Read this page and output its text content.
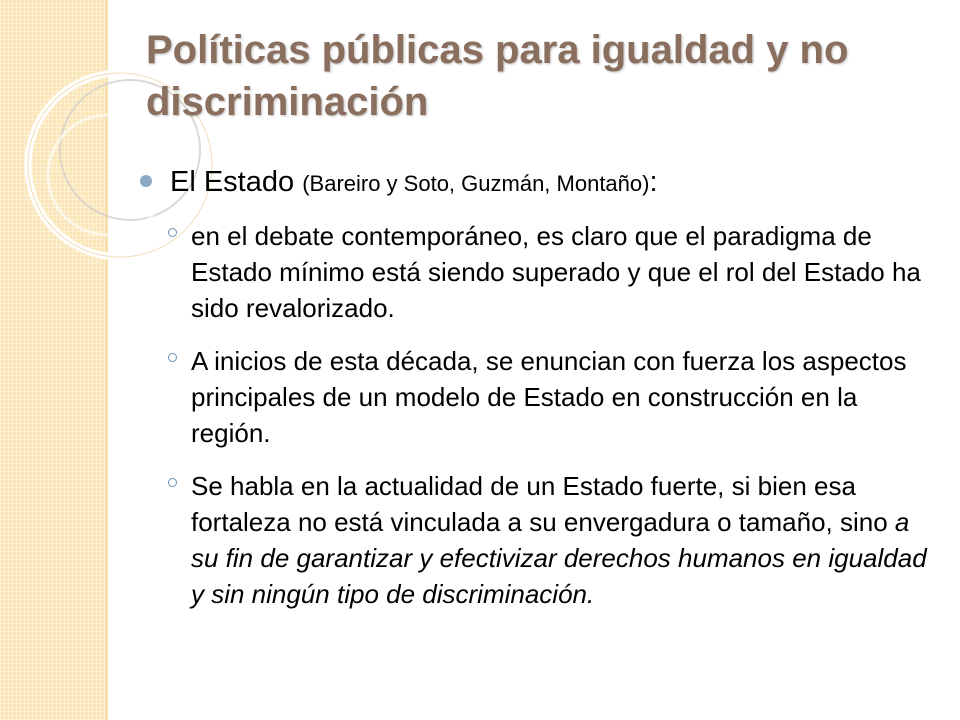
Políticas públicas para igualdad y no discriminación
El Estado (Bareiro y Soto, Guzmán, Montaño):

en el debate contemporáneo, es claro que el paradigma de Estado mínimo está siendo superado y que el rol del Estado ha sido revalorizado.

A inicios de esta década, se enuncian con fuerza los aspectos principales de un modelo de Estado en construcción en la región.

Se habla en la actualidad de un Estado fuerte, si bien esa fortaleza no está vinculada a su envergadura o tamaño, sino a su fin de garantizar y efectivizar derechos humanos en igualdad y sin ningún tipo de discriminación.
